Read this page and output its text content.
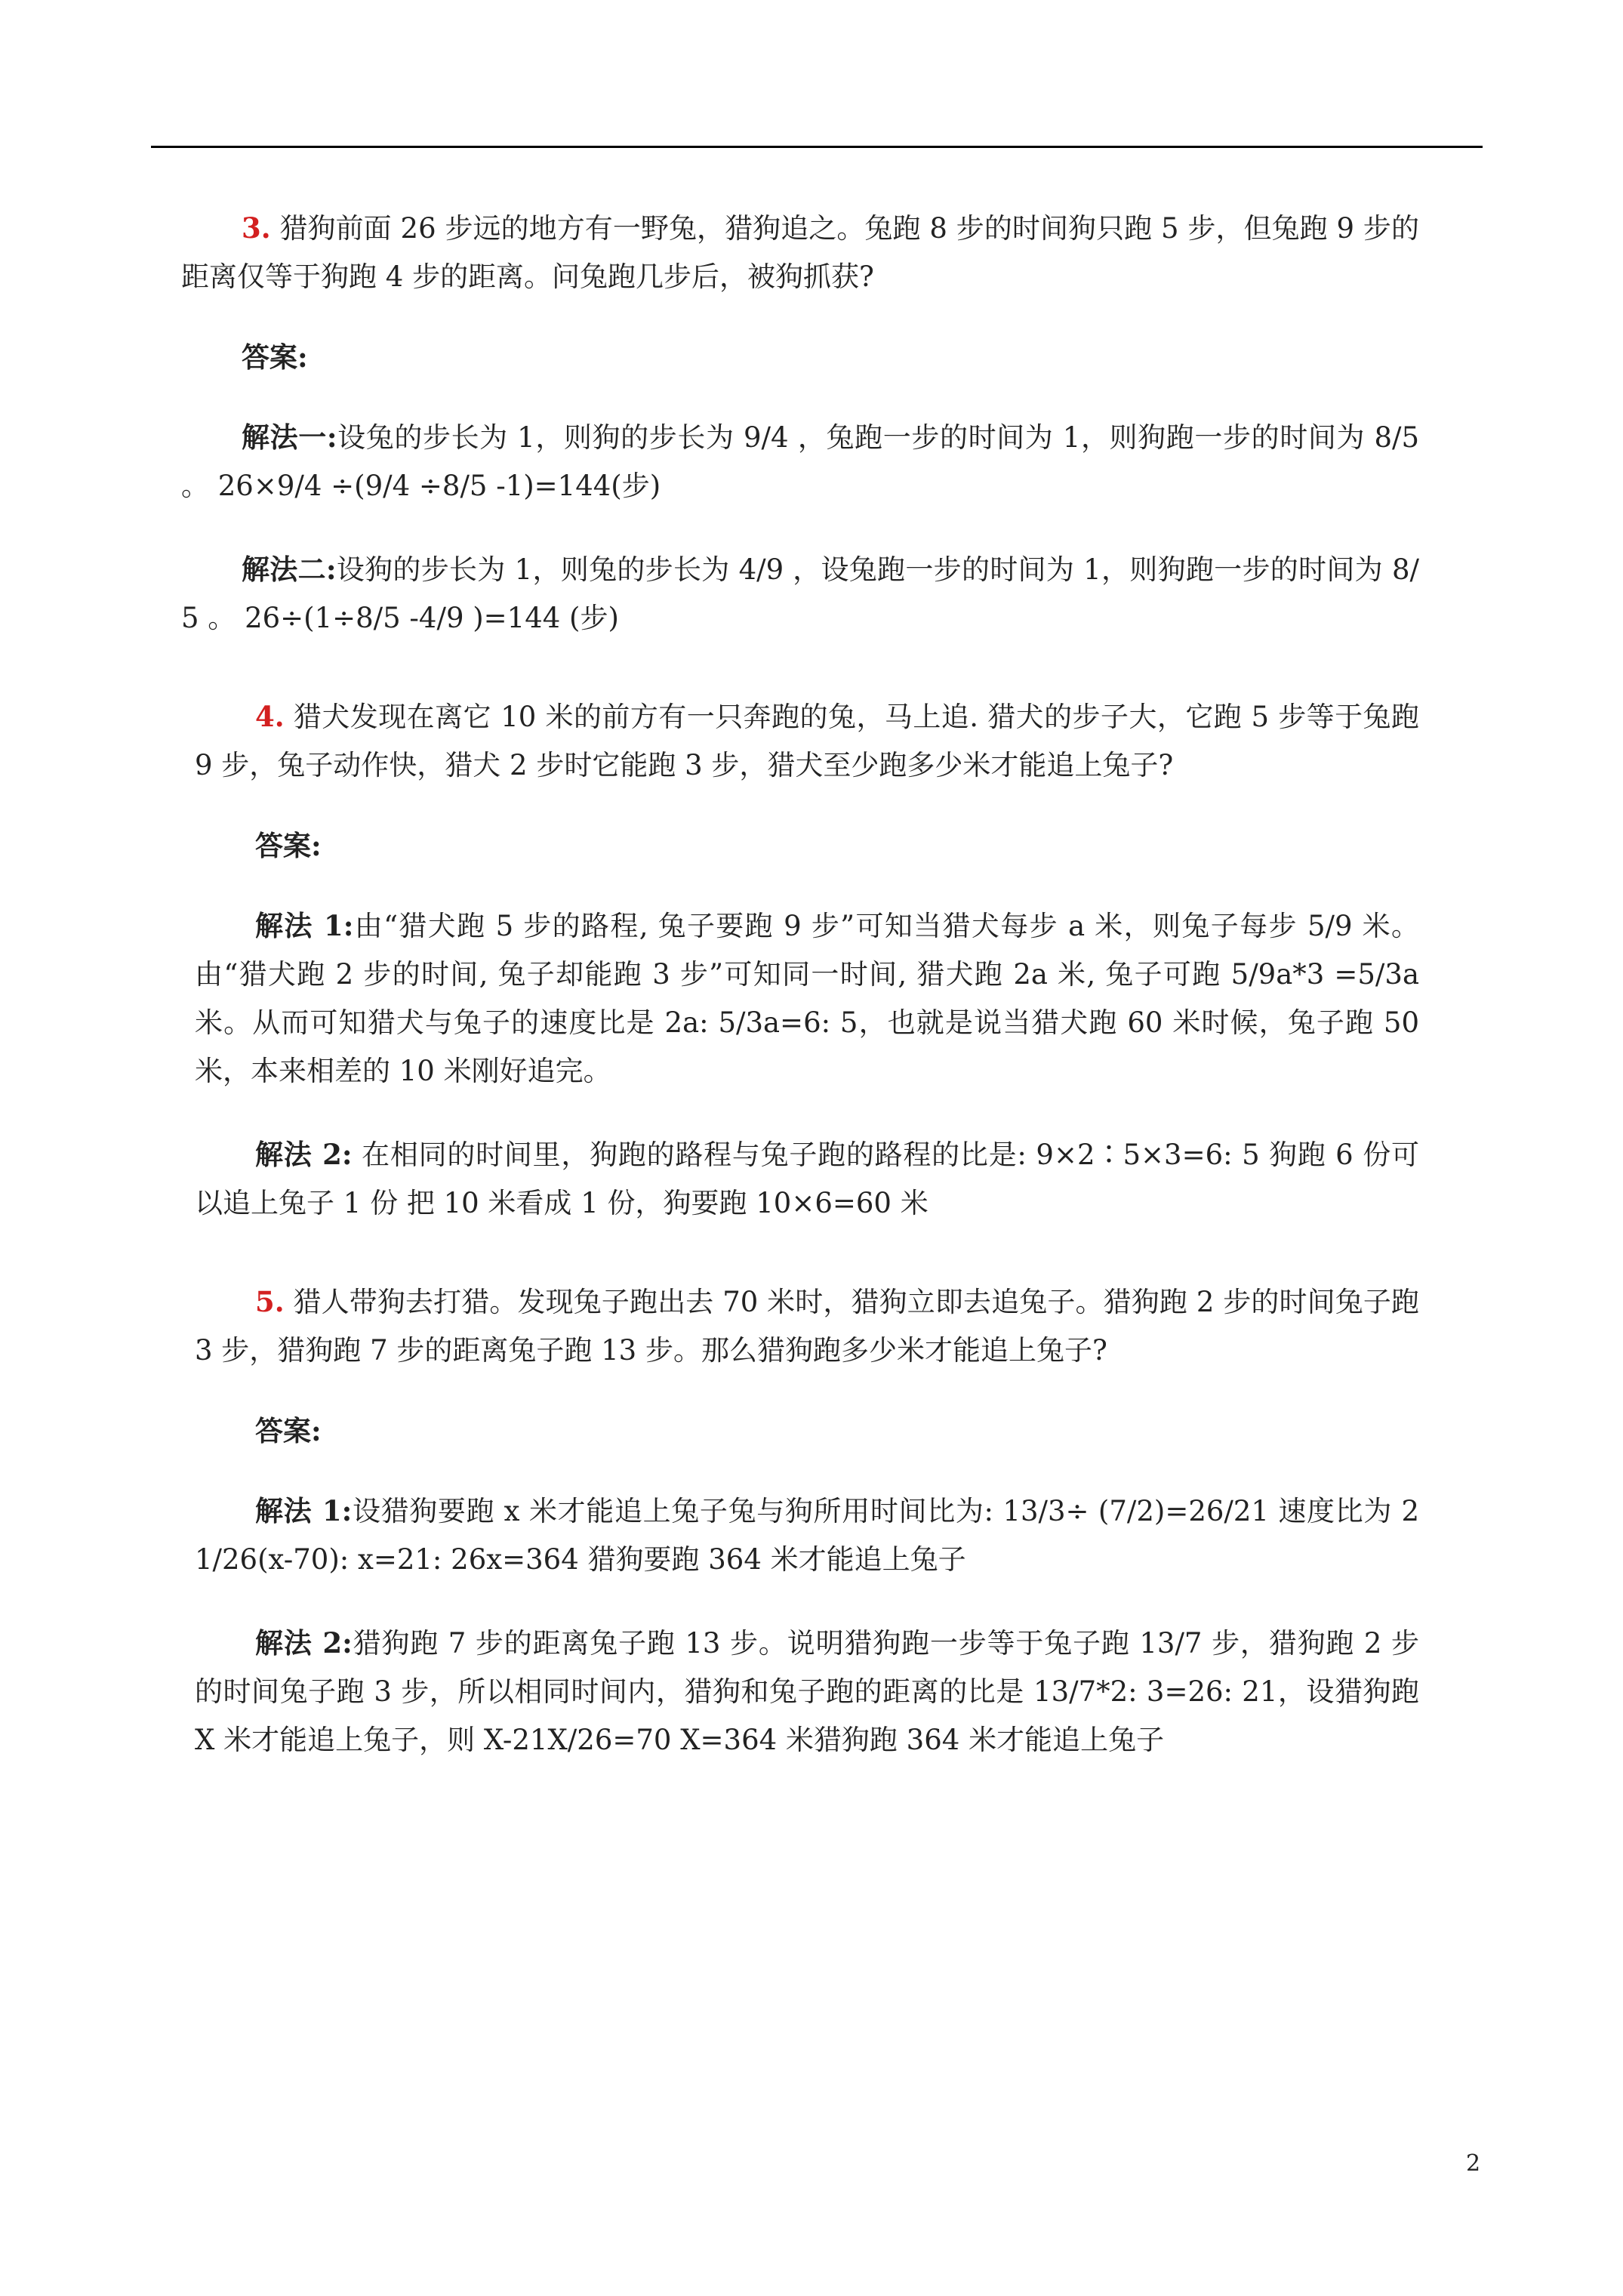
3. 猎狗前面 26 步远的地方有一野兔，猎狗追之。兔跑 8 步的时间狗只跑 5 步，但兔跑 9 步的距离仅等于狗跑 4 步的距离。问兔跑几步后，被狗抓获?

答案:

解法一:设兔的步长为 1，则狗的步长为 9/4 ，兔跑一步的时间为 1，则狗跑一步的时间为 8/5 。 26×9/4 ÷(9/4 ÷8/5 -1)=144(步)

解法二:设狗的步长为 1，则兔的步长为 4/9 ，设兔跑一步的时间为 1，则狗跑一步的时间为 8/5 。 26÷(1÷8/5 -4/9 )=144 (步)

4. 猎犬发现在离它 10 米的前方有一只奔跑的兔，马上追. 猎犬的步子大，它跑 5 步等于兔跑 9 步，兔子动作快，猎犬 2 步时它能跑 3 步，猎犬至少跑多少米才能追上兔子?

答案:

解法 1:由“猎犬跑 5 步的路程, 兔子要跑 9 步”可知当猎犬每步 a 米，则兔子每步 5/9 米。由“猎犬跑 2 步的时间, 兔子却能跑 3 步”可知同一时间, 猎犬跑 2a 米, 兔子可跑 5/9a*3 =5/3a 米。从而可知猎犬与兔子的速度比是 2a: 5/3a=6: 5，也就是说当猎犬跑 60 米时候，兔子跑 50 米，本来相差的 10 米刚好追完。

解法 2: 在相同的时间里，狗跑的路程与兔子跑的路程的比是: 9×2∶5×3=6: 5 狗跑 6 份可以追上兔子 1 份 把 10 米看成 1 份，狗要跑 10×6=60 米

5. 猎人带狗去打猎。发现兔子跑出去 70 米时，猎狗立即去追兔子。猎狗跑 2 步的时间兔子跑 3 步，猎狗跑 7 步的距离兔子跑 13 步。那么猎狗跑多少米才能追上兔子?

答案:

解法 1:设猎狗要跑 x 米才能追上兔子兔与狗所用时间比为: 13/3÷ (7/2)=26/21 速度比为 21/26(x-70): x=21: 26x=364 猎狗要跑 364 米才能追上兔子

解法 2:猎狗跑 7 步的距离兔子跑 13 步。说明猎狗跑一步等于兔子跑 13/7 步，猎狗跑 2 步的时间兔子跑 3 步，所以相同时间内，猎狗和兔子跑的距离的比是 13/7*2: 3=26: 21，设猎狗跑 X 米才能追上兔子，则 X-21X/26=70 X=364 米猎狗跑 364 米才能追上兔子

2
